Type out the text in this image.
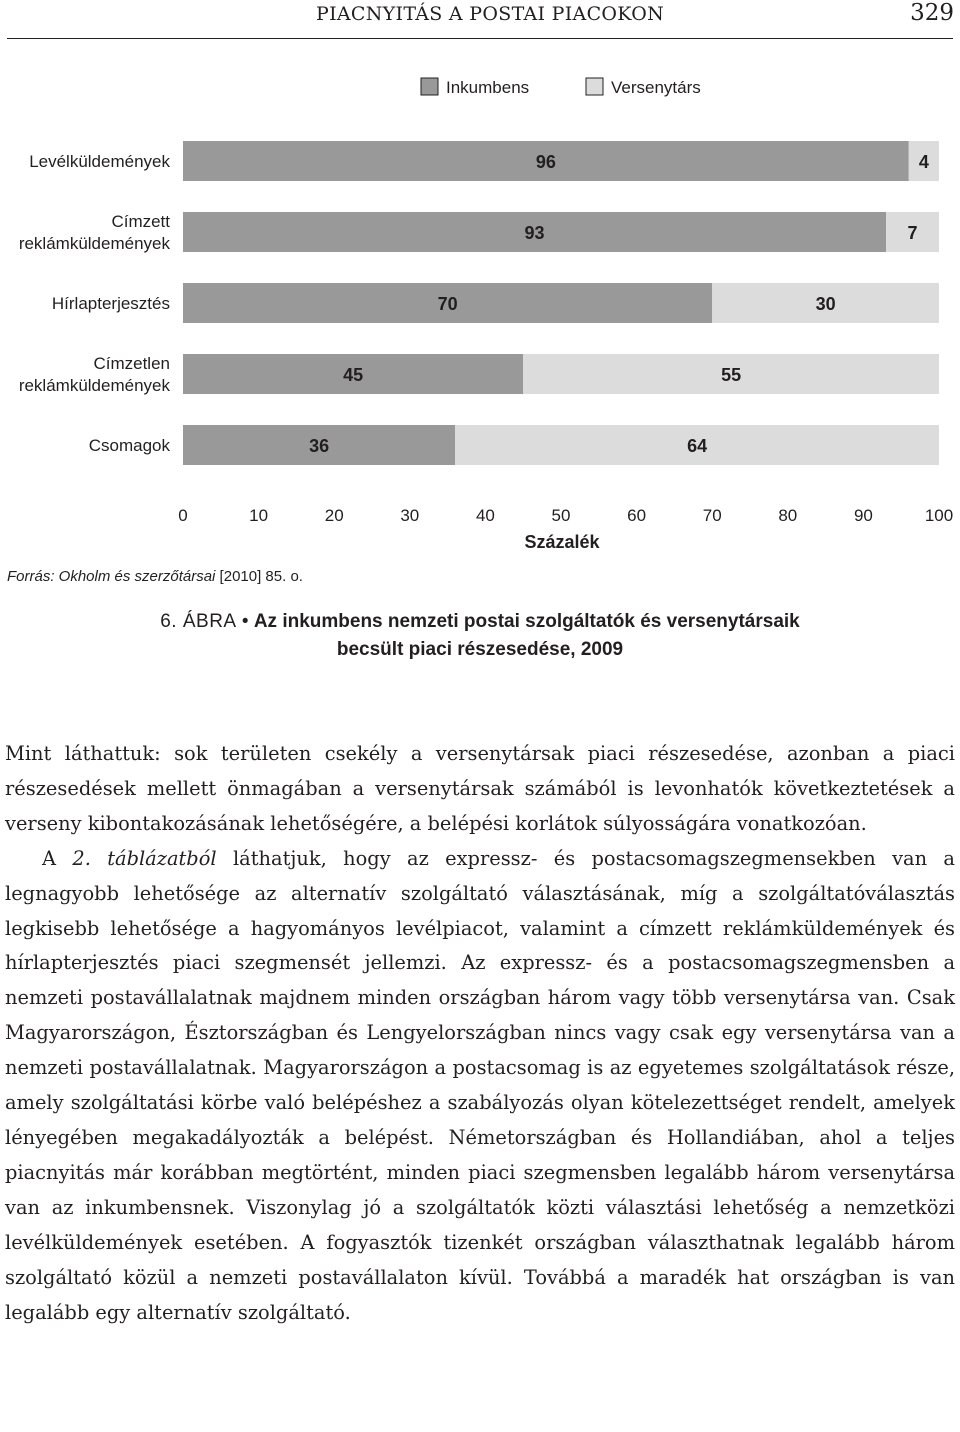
PIACNYITÁS A POSTAI PIACOKON	329
Inkumbens	Versenytárs
96	4
Levélküldemények
93	7
Címzett
reklámküldemények
70	30
Hírlapterjesztés
45	55
Címzetlen
reklámküldemények
36	64
Csomagok
0	10	20	30	40	50	60	70	80	90	100
Százalék
Forrás: Okholm és szerzőtársai [2010] 85. o.
6. ÁBRA • Az inkumbens nemzeti postai szolgáltatók és versenytársaik
becsült piaci részesedése, 2009

Mint láthattuk: sok területen csekély a versenytársak piaci részesedése, azonban a piaci részesedések mellett önmagában a versenytársak számából is levonhatók következtetések a verseny kibontakozásának lehetőségére, a belépési korlátok súlyosságára vonatkozóan.

A 2. táblázatból láthatjuk, hogy az expressz- és postacsomagszegmensekben van a legnagyobb lehetősége az alternatív szolgáltató választásának, míg a szolgáltatóválasztás legkisebb lehetősége a hagyományos levélpiacot, valamint a címzett reklámküldemények és hírlapterjesztés piaci szegmensét jellemzi. Az expressz- és a postacsomagszegmensben a nemzeti postavállalatnak majdnem minden országban három vagy több versenytársa van. Csak Magyarországon, Észtországban és Lengyelországban nincs vagy csak egy versenytársa van a nemzeti postavállalatnak. Magyarországon a postacsomag is az egyetemes szolgáltatások része, amely szolgáltatási körbe való belépéshez a szabályozás olyan kötelezettséget rendelt, amelyek lényegében megakadályozták a belépést. Németországban és Hollandiában, ahol a teljes piacnyitás már korábban megtörtént, minden piaci szegmensben legalább három versenytársa van az inkumbensnek. Viszonylag jó a szolgáltatók közti választási lehetőség a nemzetközi levélküldemények esetében. A fogyasztók tizenkét országban választhatnak legalább három szolgáltató közül a nemzeti postavállalaton kívül. Továbbá a maradék hat országban is van legalább egy alternatív szolgáltató.
